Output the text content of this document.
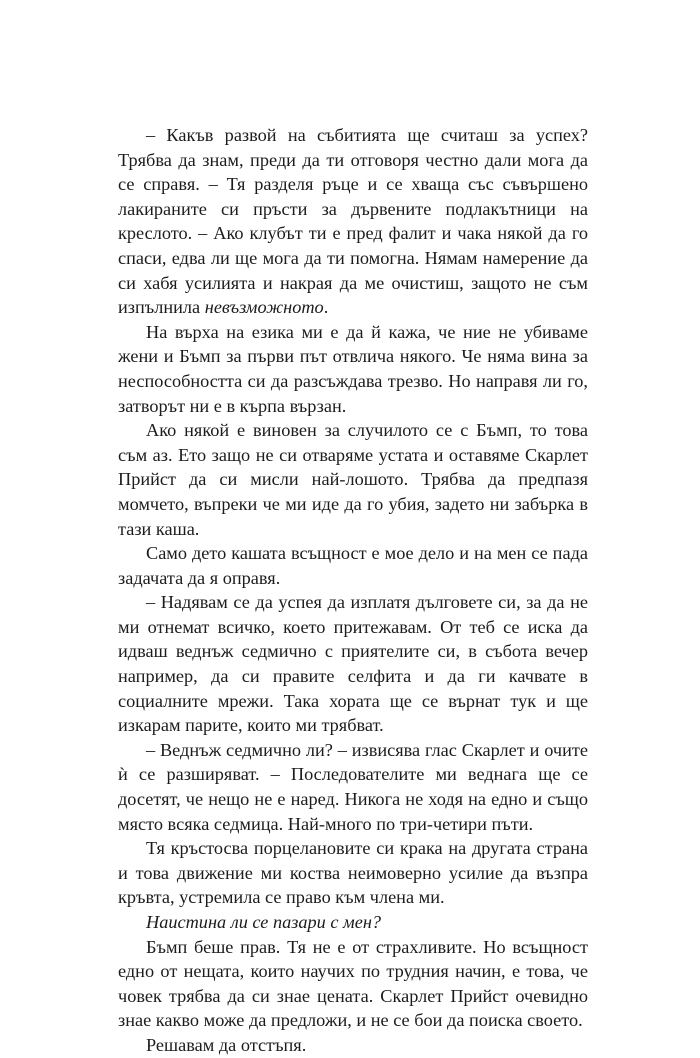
– Какъв развой на събитията ще считаш за успех? Трябва да знам, преди да ти отговоря честно дали мога да се справя. – Тя разделя ръце и се хваща със съвършено лакираните си пръсти за дървените подлакътници на креслото. – Ако клубът ти е пред фалит и чака някой да го спаси, едва ли ще мога да ти помогна. Нямам намерение да си хабя усилията и накрая да ме очистиш, защото не съм изпълнила невъзможното.

На върха на езика ми е да й кажа, че ние не убиваме жени и Бъмп за първи път отвлича някого. Че няма вина за неспособността си да разсъждава трезво. Но направя ли го, затворът ни е в кърпа вързан.

Ако някой е виновен за случилото се с Бъмп, то това съм аз. Ето защо не си отваряме устата и оставяме Скарлет Прийст да си мисли най-лошото. Трябва да предпазя момчето, въпреки че ми иде да го убия, задето ни забърка в тази каша.

Само дето кашата всъщност е мое дело и на мен се пада задачата да я оправя.

– Надявам се да успея да изплатя дълговете си, за да не ми отнемат всичко, което притежавам. От теб се иска да идваш веднъж седмично с приятелите си, в събота вечер например, да си правите селфита и да ги качвате в социалните мрежи. Така хората ще се върнат тук и ще изкарам парите, които ми трябват.

– Веднъж седмично ли? – извисява глас Скарлет и очите ѝ се разширяват. – Последователите ми веднага ще се досетят, че нещо не е наред. Никога не ходя на едно и също място всяка седмица. Най-много по три-четири пъти.

Тя кръстосва порцелановите си крака на другата страна и това движение ми коства неимоверно усилие да възпра кръвта, устремила се право към члена ми.

Наистина ли се пазари с мен?

Бъмп беше прав. Тя не е от страхливите. Но всъщност едно от нещата, които научих по трудния начин, е това, че човек трябва да си знае цената. Скарлет Прийст очевидно знае какво може да предложи, и не се бои да поиска своето.

Решавам да отстъпя.
